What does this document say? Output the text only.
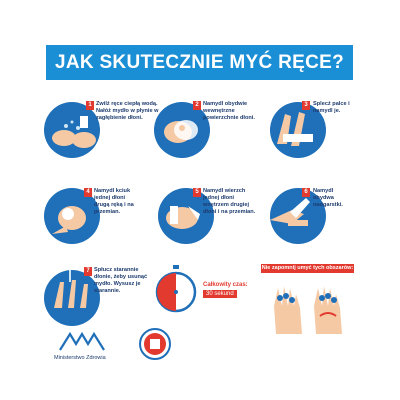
JAK SKUTECZNIE MYĆ RĘCE?
1 Zwilż ręce ciepłą wodą. Nałóż mydło w płynie w zagłębienie dłoni.
2 Namydl obydwie wewnętrzne powierzchnie dłoni.
3 Splecż palce i namydl je.
4 Namydl kciuk jednej dłoni drugą ręką i na przemian.
5 Namydl wierzch jednej dłoni wnętrzem drugiej dłoni i na przemian.
6 Namydl obydwa nadgarstki.
7 Spłucz starannie dłonie, żeby usunąć mydło. Wysusz je starannie.
Całkowity czas:
30 sekund
Nie zapomnij umyć tych obszarów:
Ministerstwo Zdrowia
